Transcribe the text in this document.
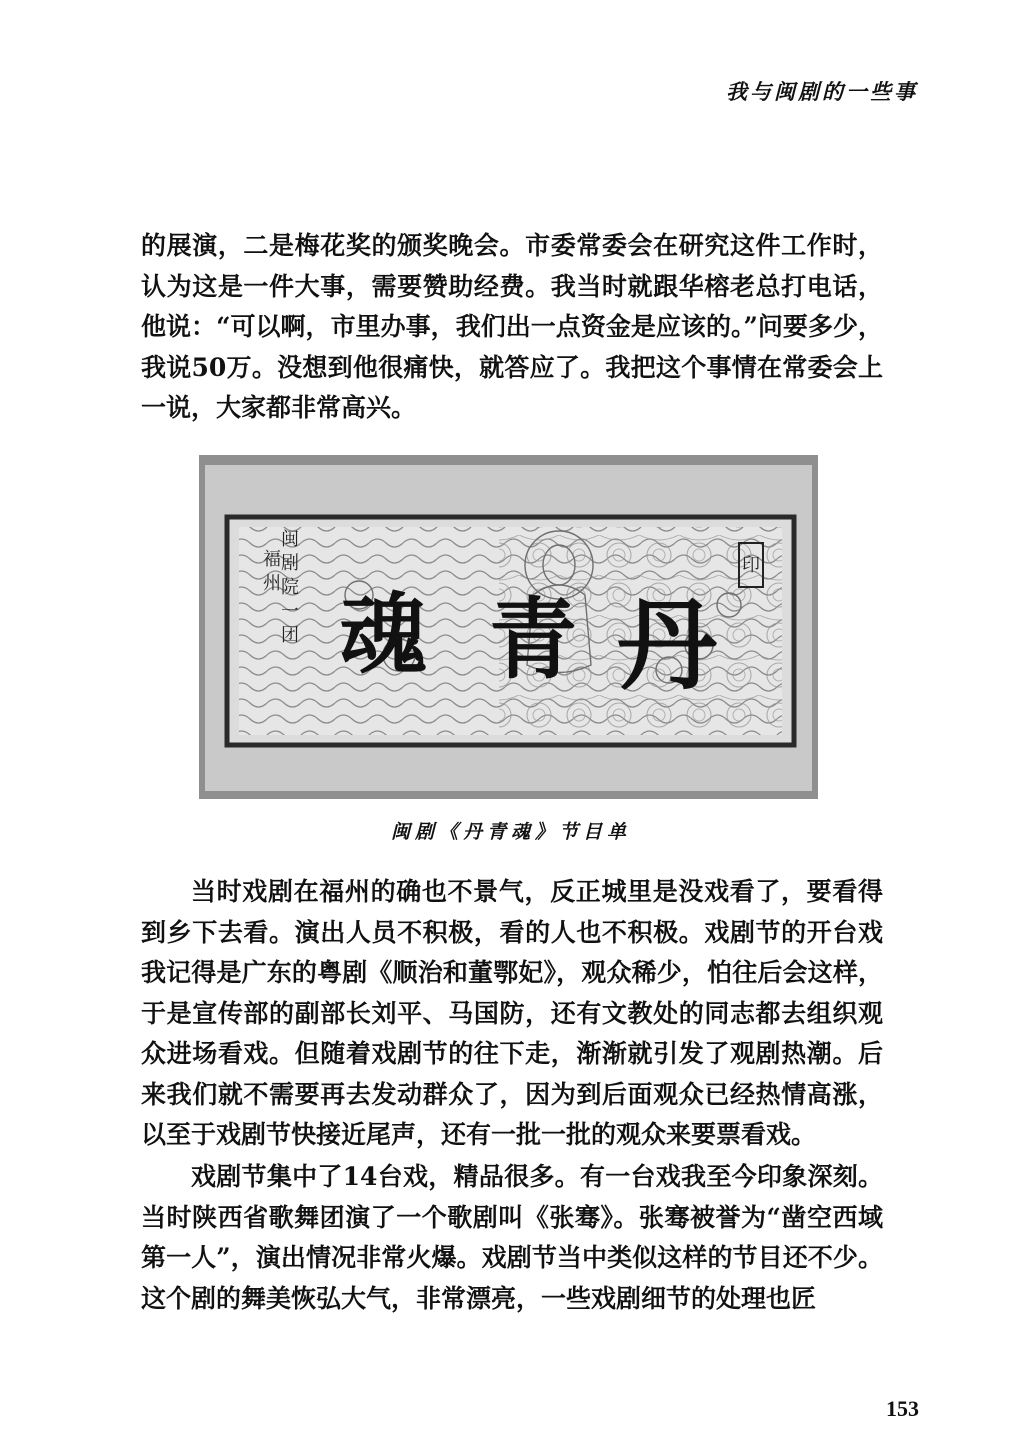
我与闽剧的一些事

的展演，二是梅花奖的颁奖晚会。市委常委会在研究这件工作时，认为这是一件大事，需要赞助经费。我当时就跟华榕老总打电话，他说：“可以啊，市里办事，我们出一点资金是应该的。”问要多少，我说50万。没想到他很痛快，就答应了。我把这个事情在常委会上一说，大家都非常高兴。

魂 青 丹
福
州
闽
剧
院
一
团
印
闽剧《丹青魂》节目单

当时戏剧在福州的确也不景气，反正城里是没戏看了，要看得到乡下去看。演出人员不积极，看的人也不积极。戏剧节的开台戏我记得是广东的粤剧《顺治和董鄂妃》，观众稀少，怕往后会这样，于是宣传部的副部长刘平、马国防，还有文教处的同志都去组织观众进场看戏。但随着戏剧节的往下走，渐渐就引发了观剧热潮。后来我们就不需要再去发动群众了，因为到后面观众已经热情高涨，以至于戏剧节快接近尾声，还有一批一批的观众来要票看戏。

戏剧节集中了14台戏，精品很多。有一台戏我至今印象深刻。当时陕西省歌舞团演了一个歌剧叫《张骞》。张骞被誉为“凿空西域第一人”，演出情况非常火爆。戏剧节当中类似这样的节目还不少。这个剧的舞美恢弘大气，非常漂亮，一些戏剧细节的处理也匠

153
